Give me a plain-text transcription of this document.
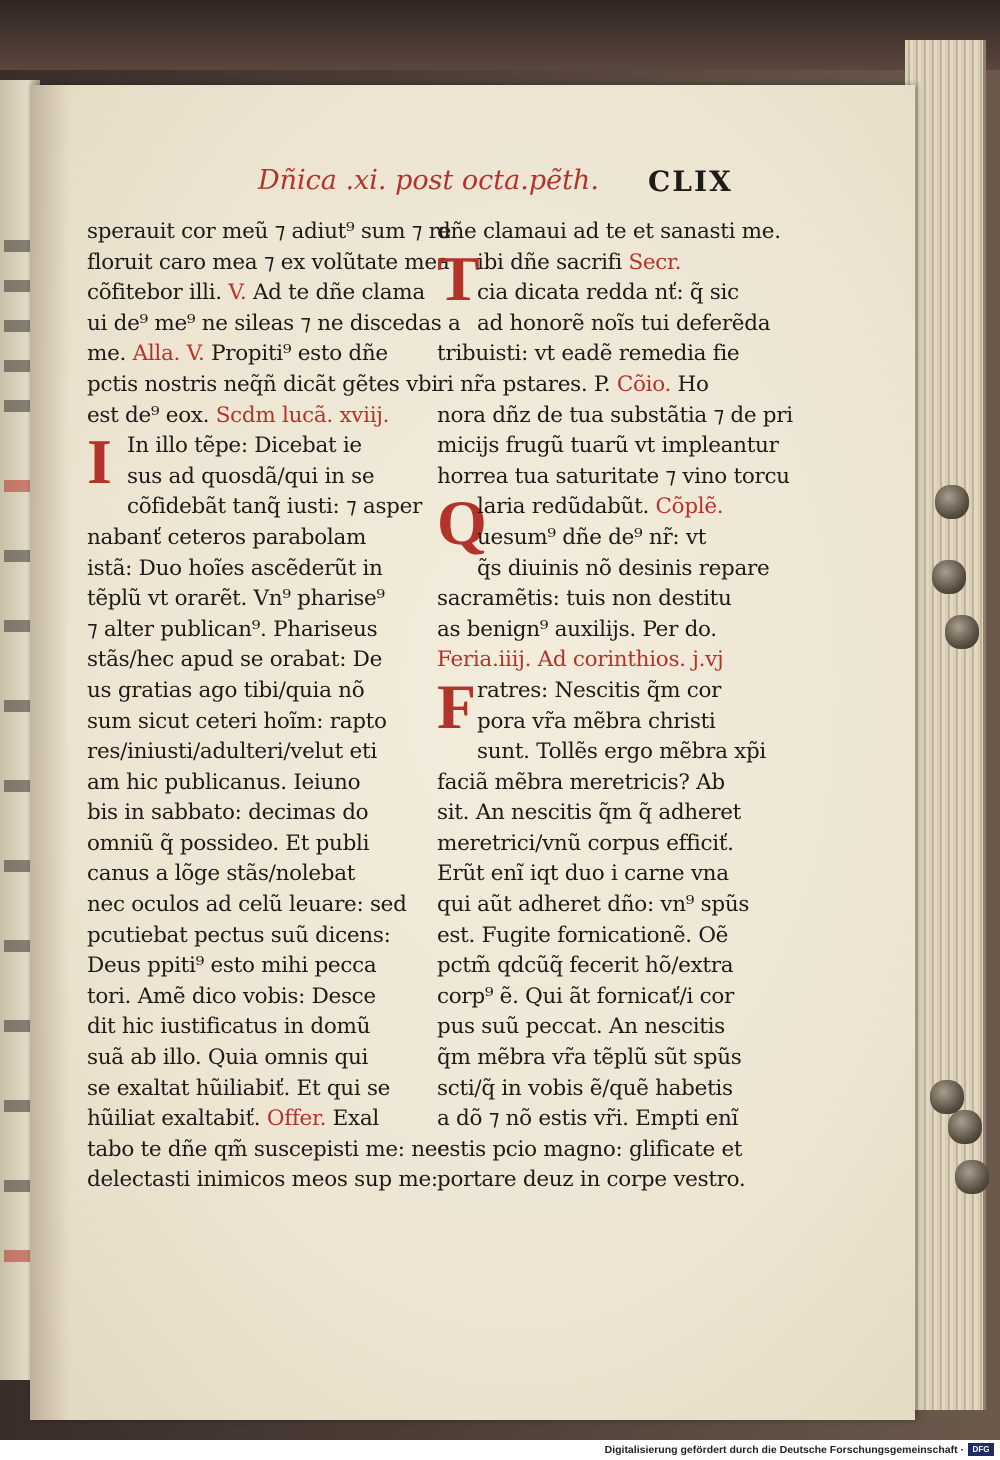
Dñica .xi. post octa.pẽth. CLIX
sperauit cor meũ ⁊ adiut⁹ sum ⁊ re
floruit caro mea ⁊ ex volũtate mea
cõfitebor illi. V. Ad te dñe clama
ui de⁹ me⁹ ne sileas ⁊ ne discedas a
me. Alla. V. Propiti⁹ esto dñe
pctis nostris neq̃ñ dicãt gẽtes vbi
est de⁹ eox. Scdm lucã. xviij.
I In illo tẽpe: Dicebat ie
sus ad quosdã/qui in se
cõfidebãt tanq̃ iusti: ⁊ asper
nabanť ceteros parabolam
istã: Duo hoĩes ascẽderũt in
tẽplũ vt orarẽt. Vn⁹ pharise⁹
⁊ alter publican⁹. Phariseus
stãs/hec apud se orabat: De
us gratias ago tibi/quia nõ
sum sicut ceteri hoĩm: rapto
res/iniusti/adulteri/velut eti
am hic publicanus. Ieiuno
bis in sabbato: decimas do
omniũ q̃ possideo. Et publi
canus a lõge stãs/nolebat
nec oculos ad celũ leuare: sed
pcutiebat pectus suũ dicens:
Deus ppiti⁹ esto mihi pecca
tori. Amẽ dico vobis: Desce
dit hic iustificatus in domũ
suã ab illo. Quia omnis qui
se exaltat hũiliabiť. Et qui se
hũiliat exaltabiť. Offer. Exal
tabo te dñe qm̃ suscepisti me: nec
delectasti inimicos meos sup me:
dñe clamaui ad te et sanasti me.
T
ibi dñe sacrifi Secr.
cia dicata redda nť: q̃ sic
ad honorẽ noĩs tui deferẽda
tribuisti: vt eadẽ remedia fie
ri nr̃a pstares. P. Cõio. Ho
nora dñz de tua substãtia ⁊ de pri
micijs frugũ tuarũ vt impleantur
horrea tua saturitate ⁊ vino torcu
Q
laria redũdabũt. Cõplẽ.
uesum⁹ dñe de⁹ nr̃: vt
q̃s diuinis nõ desinis repare
sacramẽtis: tuis non destitu
as benign⁹ auxilijs. Per do.
Feria.iiij. Ad corinthios. j.vj
F ratres: Nescitis q̃m cor
pora vr̃a mẽbra christi
sunt. Tollẽs ergo mẽbra xp̃i
faciã mẽbra meretricis? Ab
sit. An nescitis q̃m q̃ adheret
meretrici/vnũ corpus efficiť.
Erũt enĩ iqt duo i carne vna
qui aũt adheret dño: vn⁹ spũs
est. Fugite fornicationẽ. Oẽ
pctm̃ qdcũq̃ fecerit hõ/extra
corp⁹ ẽ. Qui ãt fornicať/i cor
pus suũ peccat. An nescitis
q̃m mẽbra vr̃a tẽplũ sũt spũs
scti/q̃ in vobis ẽ/quẽ habetis
a dõ ⁊ nõ estis vr̃i. Empti enĩ
estis pcio magno: glificate et
portare deuz in corpe vestro.
Digitalisierung gefördert durch die Deutsche Forschungsgemeinschaft ·	DFG
